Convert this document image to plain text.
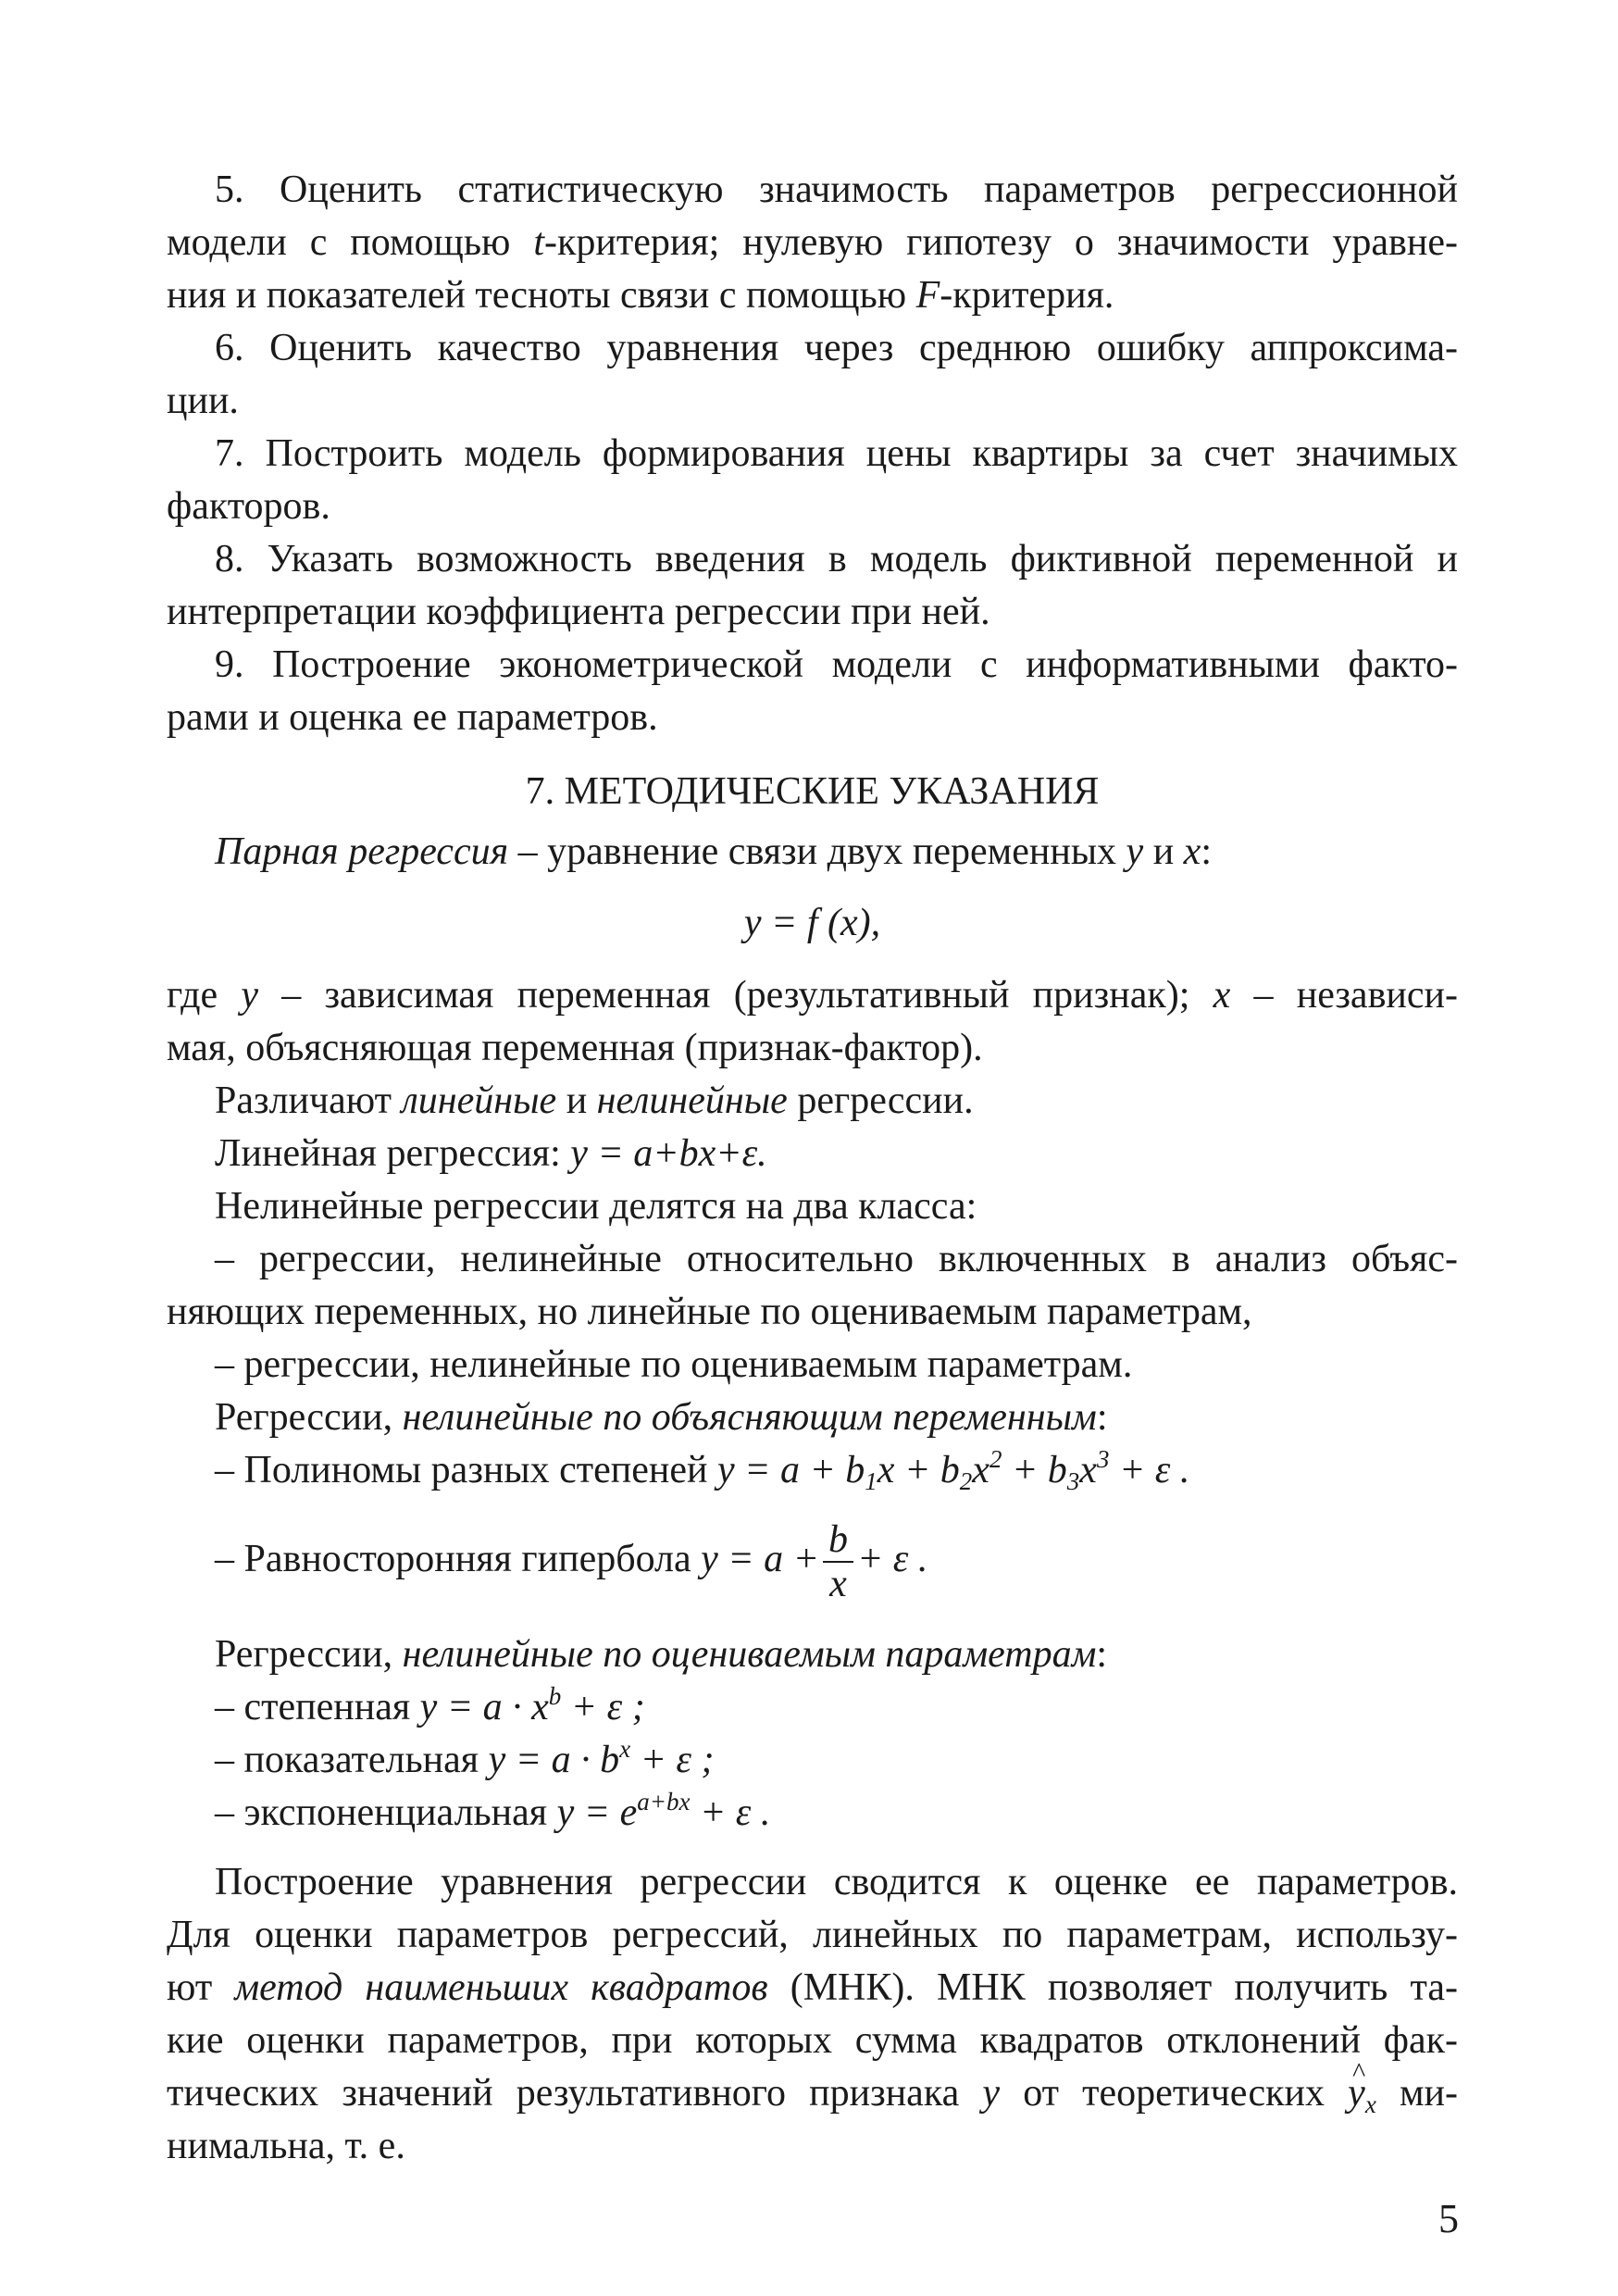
5. Оценить статистическую значимость параметров регрессионной
модели с помощью t-критерия; нулевую гипотезу о значимости уравне-
ния и показателей тесноты связи с помощью F-критерия.
6. Оценить качество уравнения через среднюю ошибку аппроксима-
ции.
7. Построить модель формирования цены квартиры за счет значимых
факторов.
8. Указать возможность введения в модель фиктивной переменной и
интерпретации коэффициента регрессии при ней.
9. Построение эконометрической модели с информативными факто-
рами и оценка ее параметров.
7. МЕТОДИЧЕСКИЕ УКАЗАНИЯ
Парная регрессия – уравнение связи двух переменных y и x:
y = f (x),
где y – зависимая переменная (результативный признак); x – независи-
мая, объясняющая переменная (признак-фактор).
Различают линейные и нелинейные регрессии.
Линейная регрессия: y = a+bx+ε.
Нелинейные регрессии делятся на два класса:
– регрессии, нелинейные относительно включенных в анализ объяс-
няющих переменных, но линейные по оцениваемым параметрам,
– регрессии, нелинейные по оцениваемым параметрам.
Регрессии, нелинейные по объясняющим переменным:
– Полиномы разных степеней $y = a + b_1x + b_2x^2 + b_3x^3 + \varepsilon$ .
– Равносторонняя гипербола $y = a + \frac{b}{x} + \varepsilon$ .
Регрессии, нелинейные по оцениваемым параметрам:
– степенная $y = a \cdot x^b + \varepsilon$ ;
– показательная $y = a \cdot b^x + \varepsilon$ ;
– экспоненциальная $y = e^{a+bx} + \varepsilon$ .
Построение уравнения регрессии сводится к оценке ее параметров.
Для оценки параметров регрессий, линейных по параметрам, использу-
ют метод наименьших квадратов (МНК). МНК позволяет получить та-
кие оценки параметров, при которых сумма квадратов отклонений фак-
тических значений результативного признака y от теоретических ^ $y_x$ ми-
нимальна, т. е.
5
